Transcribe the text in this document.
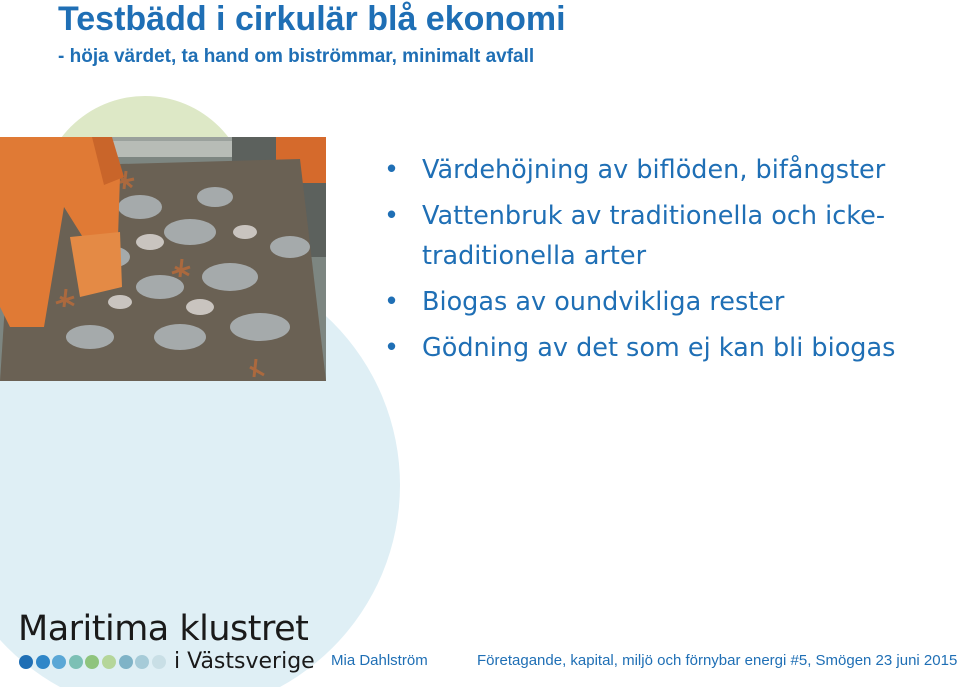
Testbädd i cirkulär blå ekonomi
- höja värdet, ta hand om biströmmar, minimalt avfall
• Värdehöjning av biflöden, bifångster
• Vattenbruk av traditionella och icke-traditionella arter
• Biogas av oundvikliga rester
• Gödning av det som ej kan bli biogas
Maritima klustret
i Västsverige Mia Dahlström	Företagande, kapital, miljö och förnybar energi #5, Smögen 23 juni 2015
